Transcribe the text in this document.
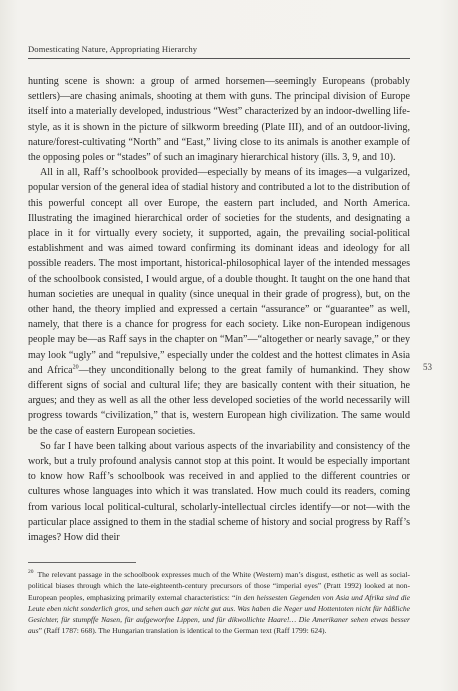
Domesticating Nature, Appropriating Hierarchy

hunting scene is shown: a group of armed horsemen—seemingly Europeans (probably settlers)—are chasing animals, shooting at them with guns. The principal division of Europe itself into a materially developed, industrious “West” characterized by an indoor-dwelling life-style, as it is shown in the picture of silkworm breeding (Plate III), and of an outdoor-living, nature/forest-cultivating “North” and “East,” living close to its animals is another example of the opposing poles or “stades” of such an imaginary hierarchical history (ills. 3, 9, and 10).

All in all, Raff’s schoolbook provided—especially by means of its images—a vulgarized, popular version of the general idea of stadial history and contributed a lot to the distribution of this powerful concept all over Europe, the eastern part included, and North America. Illustrating the imagined hierarchical order of societies for the students, and designating a place in it for virtually every society, it supported, again, the prevailing social-political establishment and was aimed toward confirming its dominant ideas and ideology for all possible readers. The most important, historical-philosophical layer of the intended messages of the schoolbook consisted, I would argue, of a double thought. It taught on the one hand that human societies are unequal in quality (since unequal in their grade of progress), but, on the other hand, the theory implied and expressed a certain “assurance” or “guarantee” as well, namely, that there is a chance for progress for each society. Like non-European indigenous people may be—as Raff says in the chapter on “Man”—“altogether or nearly savage,” or they may look “ugly” and “repulsive,” especially under the coldest and the hottest climates in Asia and Africa$^{20}$—they unconditionally belong to the great family of humankind. They show different signs of social and cultural life; they are basically content with their situation, he argues; and they as well as all the other less developed societies of the world necessarily will progress towards “civilization,” that is, western European high civilization. The same would be the case of eastern European societies.

So far I have been talking about various aspects of the invariability and consistency of the work, but a truly profound analysis cannot stop at this point. It would be especially important to know how Raff’s schoolbook was received in and applied to the different countries or cultures whose languages into which it was translated. How much could its readers, coming from various local political-cultural, scholarly-intellectual circles identify—or not—with the particular place assigned to them in the stadial scheme of history and social progress by Raff’s images? How did their

53
$^{20}$ The relevant passage in the schoolbook expresses much of the White (Western) man’s disgust, esthetic as well as social-political biases through which the late-eighteenth-century precursors of those “imperial eyes” (Pratt 1992) looked at non-European peoples, emphasizing primarily external characteristics: “in den heissesten Gegenden von Asia und Afrika sind die Leute eben nicht sonderlich gros, und sehen auch gar nicht gut aus. Was haben die Neger und Hottentoten nicht für häßliche Gesichter, für stumpffe Nasen, für aufgeworfne Lippen, und für dikwollichte Haare!… Die Amerikaner sehen etwas besser aus” (Raff 1787: 668). The Hungarian translation is identical to the German text (Raff 1799: 624).
